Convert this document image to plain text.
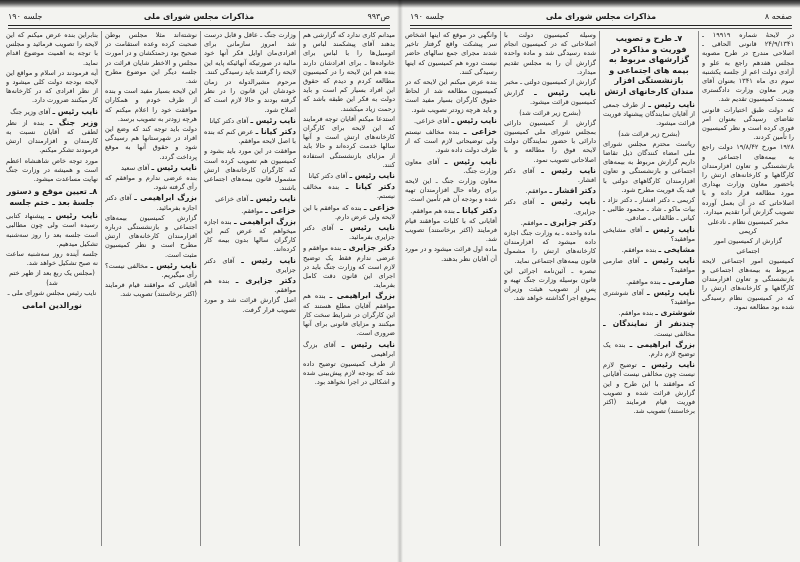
ص۹۹۳
مذاکرات مجلس شورای ملی
جلسه ۱۹۰

میدانم کاری ندارد که گزارشی هم بدهند آقای پیشکمند لباس و اتومبیل‌ها را با لباس برای خانواده‌ها ـ برای افرادشان دارند بنده هم این لایحه را در کمیسیون مطالعه کردم و دیدم که حقوق این افراد بسیار کم است و باید دولت به فکر این طبقه باشد که زحمت زیاد میکشند.

استدعا میکنم آقایان توجه فرمایند که این لایحه برای کارگران کارخانه‌های ارتش است و آنها سالها خدمت کرده‌اند و حالا باید از مزایای بازنشستگی استفاده کنند.

نایب رئیس ـ آقای دکتر کیانا

دکتر کیانا ـ بنده مخالف نیستم.

خزاعی ـ بنده که موافقم با این لایحه ولی عرض دارم.

نایب رئیس ـ آقای دکتر جزایری بفرمائید.

دکتر جزایری ـ بنده موافقم و عرضی ندارم فقط یک توضیح لازم است که وزارت جنگ باید در اجرای این قانون دقت کامل بفرماید.

بزرگ ابراهیمی ـ بنده هم موافقم آقایان مطلع هستند که این کارگران در شرایط سخت کار میکنند و مزایای قانونی برای آنها ضروری است.

نایب رئیس ـ آقای بزرگ ابراهیمی

از طرف کمیسیون توضیح داده شد که بودجه لازم پیش‌بینی شده و اشکالی در اجرا نخواهد بود.

وزارت جنگ ـ عاقل و قابل درست شد امروز سازمانی برای افرادی‌مان اوایل فکر آنها خود مالیه در صورتیکه آنهائیکه پایه این لایحه را گرفتند باید رسیدگی کنند.

مرحوم مشیرالدوله در زمان خودشان این قانون را در نظر گرفته بودند و حالا لازم است که اصلاح شود.

نایب رئیس ـ آقای دکتر کیانا

دکتر کیانا ـ عرض کنم که بنده با اصل لایحه موافقم.

موافقت در این مورد باید بشود و کمیسیون هم تصویب کرده است که کارگران کارخانه‌های ارتش مشمول قانون بیمه‌های اجتماعی باشند.

نایب رئیس ـ آقای خزاعی

خزاعی ـ موافقم.

بزرگ ابراهیمی ـ بنده اجازه میخواهم که عرض کنم این کارگران سالها بدون بیمه کار کرده‌اند.

نایب رئیس ـ آقای دکتر جزایری

دکتر جزایری ـ بنده هم موافقم.

اصل گزارش قرائت شد و مورد تصویب قرار گرفت.

نوشته‌اند مثلا مجلس بوطن صحبت کرده وعده استقامت در صحیح بود زحمتکشان و در امورت مجلس و الاخطر شایان قرائت در جلسه دیگر این موضوع مطرح شد.

این لایحه بسیار مفید است و بنده از طرف خودم و همکاران موافقت خود را اعلام میکنم که هرچه زودتر به تصویب برسد.

دولت باید توجه کند که وضع این افراد در شهرستانها هم رسیدگی شود و حقوق آنها به موقع پرداخت گردد.

نایب رئیس ـ آقای سعید

بنده عرضی ندارم و موافقم که رأی گرفته شود.

بزرگ ابراهیمی ـ آقای دکتر اجازه بفرمائید.

گزارش کمیسیون بیمه‌های اجتماعی و بازنشستگی درباره افزارمندان کارخانه‌های ارتش مطرح است و نظر کمیسیون مثبت است.

نایب رئیس ـ مخالفی نیست؟ رأی میگیریم.

آقایانی که موافقند قیام فرمایند (اکثر برخاستند) تصویب شد.

بنابراین بنده عرض میکنم که این لایحه را تصویب فرمائید و مجلس با توجه به اهمیت موضوع اقدام نماید.

آیه فرمودند در اسلام و مواقع این لایحه بودجه دولت کلی میشود و از نظر افرادی که در کارخانه‌ها کار میکنند ضرورت دارد.

نایب رئیس ـ آقای وزیر جنگ

وزیر جنگ ـ بنده از نظر لطفی که آقایان نسبت به کارمندان و افزارمندان ارتش فرمودند تشکر میکنم.

مورد توجه خاص شاهنشاه اعظم است و همیشه در وزارت جنگ نهایت مساعدت میشود.

۸ـ تعیین موقع و دستور جلسهٔ بعد ـ ختم جلسه

نایب رئیس ـ پیشنهاد کتابی رسیده است ولی چون مطالبی است جلسه بعد را روز سه‌شنبه تشکیل میدهیم.

جلسه آینده روز سه‌شنبه ساعت نه صبح تشکیل خواهد شد.

(مجلس یک ربع بعد از ظهر ختم شد)

نایب رئیس مجلس شورای ملی ـ

نورالدین امامی

صفحه ۸
مذاکرات مجلس شورای ملی
جلسه ۱۹۰

در لایحهٔ شماره ۱۹۹۱۹ ـ ۲۴/۹/۱۳۴۱ قانونی الحاقی ـ اصلاحی مندرج در طرح مصوبه مجلس هفدهم راجع به علو و آزادی دولت اعم از جلسه یکشنبه سوم دی ماه ۱۳۴۱ بعنوان آقای وزیر معاون وزارت دادگستری بسمت کمیسیون تقدیم شد.

که دولت طبق اختیارات قانونی تقاضای رسیدگی بعنوان امر فوری کرده است و نظر کمیسیون را تأمین کردند.

۱۹۲۸ مورخ ۱۹/۸/۴۲ دولت راجع به بیمه‌های اجتماعی و بازنشستگی و تعاون افزارمندان کارگاهها و کارخانه‌های ارتش را باحضور معاون وزارت بهداری مورد مطالعه قرار داده و با اصلاحاتی که در آن بعمل آورده تصویب گزارش آنرا تقدیم میدارد.

مخبر کمیسیون نظام ـ نادعلی کریمی

گزارش از کمیسیون امور اجتماعی

کمیسیون امور اجتماعی لایحه مربوط به بیمه‌های اجتماعی و بازنشستگی و تعاون افزارمندان کارگاهها و کارخانه‌های ارتش را که در کمیسیون نظام رسیدگی شده بود مطالعه نمود.

۷ـ طرح و تصویب فوریت و مذاکره در گزارشهای مربوط به بیمه های اجتماعی و بازنشستگی افزار مندان کارخانهای ارتش

نایب رئیس ـ از طرف جمعی از آقایان نمایندگان پیشنهاد فوریت قرائت میشود.

(بشرح زیر قرائت شد)

ریاست محترم مجلس شورای ملی امضاء کنندگان ذیل تقاضا داریم گزارش مربوط به بیمه‌های اجتماعی و بازنشستگی و تعاون افزارمندان کارگاههای دولتی با قید یک فوریت مطرح شود.

کریمی ـ دکتر افشار ـ دکتر نژاد ـ بیات ماکو ـ شاد ـ محمود طالبی ـ کیانی ـ طالقانی ـ صادقی.

نایب رئیس ـ آقای مشایخی موافقید؟

مشایخی ـ بنده موافقم.

نایب رئیس ـ آقای صارمی موافقید؟

صارمی ـ بنده موافقم.

نایب رئیس ـ آقای شوشتری موافقید؟

شوشتری ـ بنده موافقم.

چندنفر از نمایندگان ـ مخالفی نیست.

بزرگ ابراهیمی ـ بنده یک توضیح لازم دارم.

نایب رئیس ـ توضیح لازم نیست چون مخالفی نیست آقایانی که موافقند با این طرح و این گزارش قرائت شده و تصویب فوریت قیام فرمایند (اکثر برخاستند) تصویب شد.

وسیله کمیسیون دولت با اصلاحاتی که در کمیسیون انجام شده رسیدگی شد و ماده واحده گزارش آن را به مجلس تقدیم میدارد.

گزارش از کمیسیون دولتی ـ مخبر

نایب رئیس ـ گزارش کمیسیون قرائت میشود.

(بشرح زیر قرائت شد)

گزارش از کمیسیون دارائی بمجلس شورای ملی کمیسیون دارائی با حضور نمایندگان دولت لایحه فوق را مطالعه و با اصلاحاتی تصویب نمود.

نایب رئیس ـ آقای دکتر افشار.

دکتر افشار ـ موافقم.

نایب رئیس ـ آقای دکتر جزایری.

دکتر جزایری ـ موافقم.

ماده واحده ـ به وزارت جنگ اجازه داده میشود که افزارمندان کارخانه‌های ارتش را مشمول قانون بیمه‌های اجتماعی نماید.

تبصره ـ آئین‌نامه اجرائی این قانون بوسیله وزارت جنگ تهیه و پس از تصویب هیئت وزیران بموقع اجرا گذاشته خواهد شد.

وانگهی در موقع که اینها اشخاص سر پیشکت واقع گرفتار تاخیر شدند مجرای جمع سالهای حاضر نیست دوره هم کمیسیون که اینها رسیدگی کنند.

بنده عرض میکنم این لایحه که در کمیسیون مطالعه شد از لحاظ حقوق کارگران بسیار مفید است و باید هرچه زودتر تصویب شود.

نایب رئیس ـ آقای خزاعی.

خزاعی ـ بنده مخالف نیستم ولی توضیحاتی لازم است که از طرف دولت داده شود.

نایب رئیس ـ آقای معاون وزارت جنگ.

معاون وزارت جنگ ـ این لایحه برای رفاه حال افزارمندان تهیه شده و بودجه آن هم تأمین است.

دکتر کیانا ـ بنده هم موافقم.

آقایانی که با کلیات موافقند قیام فرمایند (اکثر برخاستند) تصویب شد.

ماده اول قرائت میشود و در مورد آن آقایان نظر بدهند.
